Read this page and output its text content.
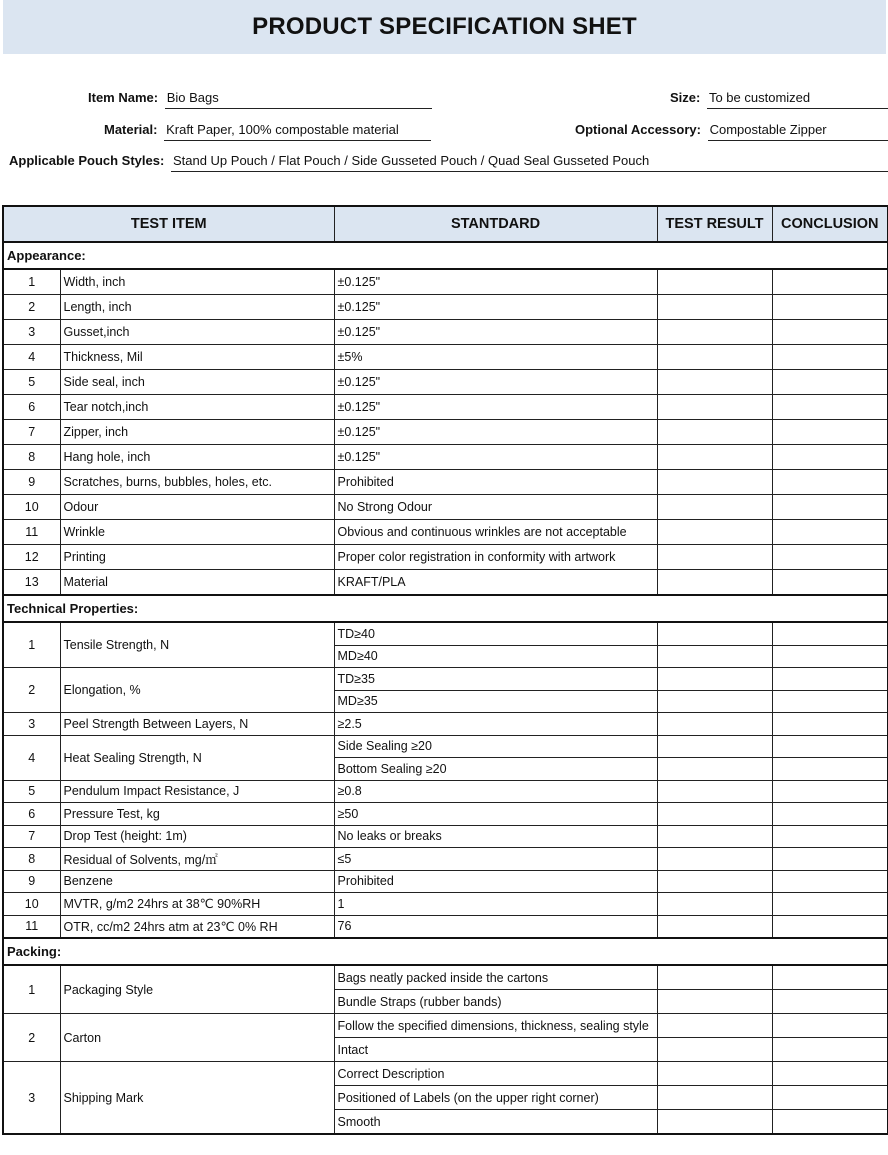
PRODUCT SPECIFICATION SHET
Item Name: Bio Bags	Size: To be customized
Material: Kraft Paper, 100% compostable material	Optional Accessory: Compostable Zipper
Applicable Pouch Styles: Stand Up Pouch / Flat Pouch / Side Gusseted Pouch / Quad Seal Gusseted Pouch
TEST ITEM		STANTDARD	TEST RESULT	CONCLUSION
Appearance:				
1	Width, inch	±0.125"		
2	Length, inch	±0.125"		
3	Gusset,inch	±0.125"		
4	Thickness, Mil	±5%		
5	Side seal, inch	±0.125"		
6	Tear notch,inch	±0.125"		
7	Zipper, inch	±0.125"		
8	Hang hole, inch	±0.125"		
9	Scratches, burns, bubbles, holes, etc.	Prohibited		
10	Odour	No Strong Odour		
11	Wrinkle	Obvious and continuous wrinkles are not acceptable		
12	Printing	Proper color registration in conformity with artwork		
13	Material	KRAFT/PLA		
Technical Properties:				
1	Tensile Strength, N	TD≥40		
		MD≥40		
2	Elongation, %	TD≥35		
		MD≥35		
3	Peel Strength Between Layers, N	≥2.5		
4	Heat Sealing Strength, N	Side Sealing ≥20		
		Bottom Sealing ≥20		
5	Pendulum Impact Resistance, J	≥0.8		
6	Pressure Test, kg	≥50		
7	Drop Test (height: 1m)	No leaks or breaks		
8	Residual of Solvents, mg/㎡	≤5		
9	Benzene	Prohibited		
10	MVTR, g/m2 24hrs at 38℃ 90%RH	1		
11	OTR, cc/m2 24hrs atm at 23℃ 0% RH	76		
Packing:				
1	Packaging Style	Bags neatly packed inside the cartons		
		Bundle Straps (rubber bands)		
2	Carton	Follow the specified dimensions, thickness, sealing style		
		Intact		
3	Shipping Mark	Correct Description		
		Positioned of Labels (on the upper right corner)		
		Smooth		
